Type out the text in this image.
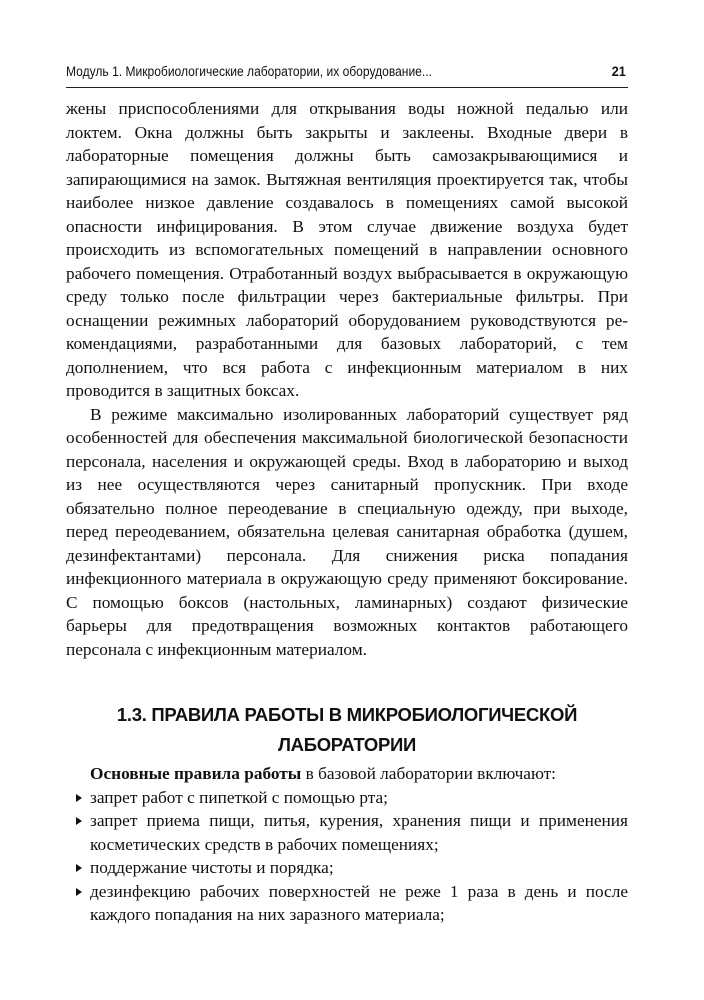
Модуль 1. Микробиологические лаборатории, их оборудование...	21

жены приспособлениями для открывания воды ножной педалью или локтем. Окна должны быть закрыты и заклеены. Входные двери в лабораторные помещения должны быть самозакрывающимися и запирающимися на замок. Вытяжная вентиляция проектируется так, чтобы наиболее низкое давление создавалось в помещениях самой высокой опасности инфицирования. В этом случае движение воздуха будет происходить из вспомогательных помещений в направлении основного рабочего помещения. Отработанный воздух выбрасывается в окружающую среду только после фильтрации через бактериальные фильтры. При оснащении режимных лабораторий оборудованием руководствуются рекомендациями, разработанными для базовых лабораторий, с тем дополнением, что вся работа с инфекционным материалом в них проводится в защитных боксах.

В режиме максимально изолированных лабораторий существует ряд особенностей для обеспечения максимальной биологической безопасности персонала, населения и окружающей среды. Вход в лабораторию и выход из нее осуществляются через санитарный пропускник. При входе обязательно полное переодевание в специальную одежду, при выходе, перед переодеванием, обязательна целевая санитарная обработка (душем, дезинфектантами) персонала. Для снижения риска попадания инфекционного материала в окружающую среду применяют боксирование. С помощью боксов (настольных, ламинарных) создают физические барьеры для предотвращения возможных контактов работающего персонала с инфекционным материалом.

1.3. ПРАВИЛА РАБОТЫ В МИКРОБИОЛОГИЧЕСКОЙ
ЛАБОРАТОРИИ

Основные правила работы в базовой лаборатории включают:

запрет работ с пипеткой с помощью рта;
запрет приема пищи, питья, курения, хранения пищи и применения косметических средств в рабочих помещениях;
поддержание чистоты и порядка;
дезинфекцию рабочих поверхностей не реже 1 раза в день и после каждого попадания на них заразного материала;
